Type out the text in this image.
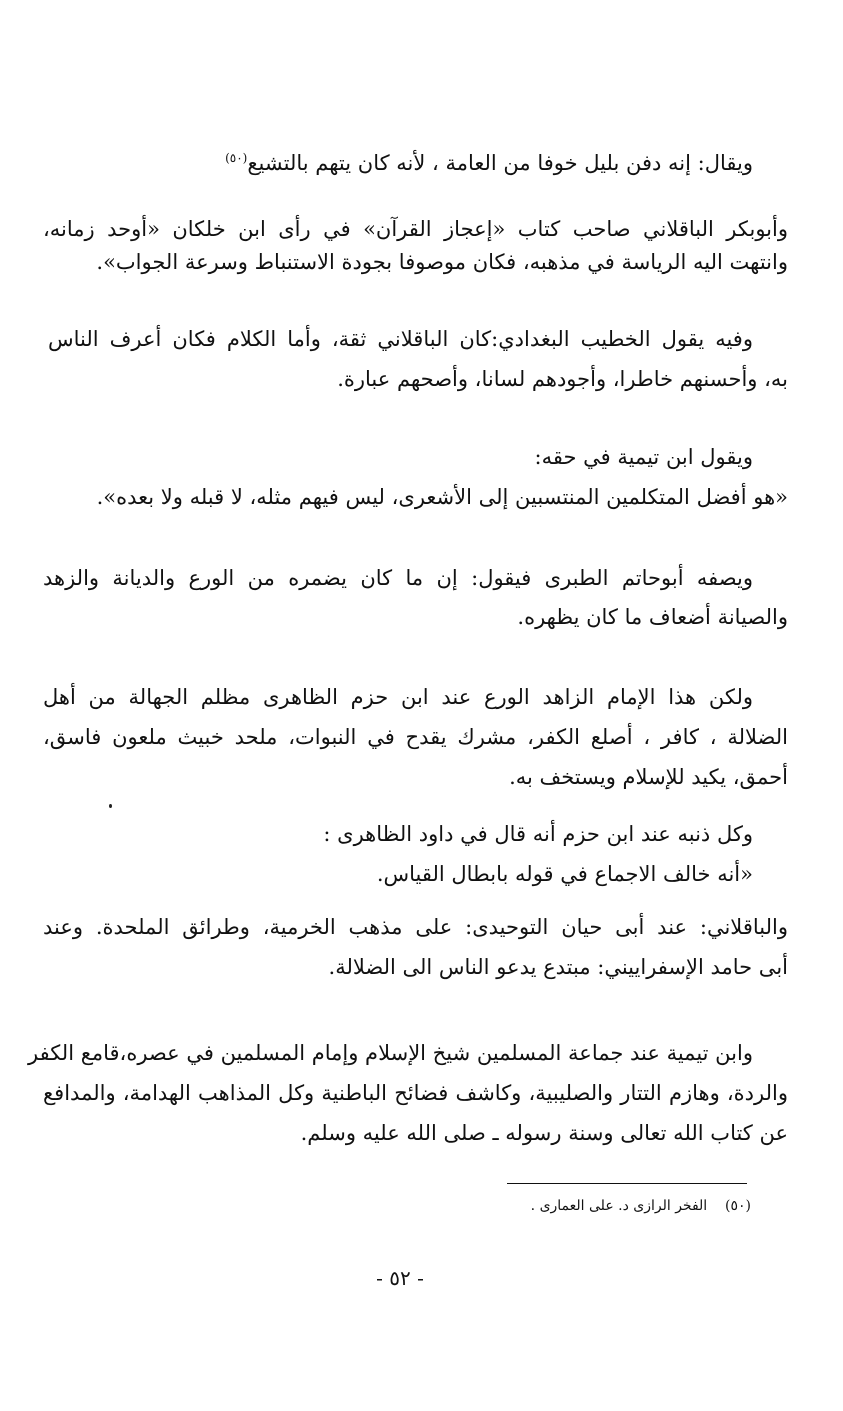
ويقال: إنه دفن بليل خوفا من العامة ، لأنه كان يتهم بالتشيع$^{(٥٠)}$
وأبوبكر الباقلاني صاحب كتاب «إعجاز القرآن» في رأى ابن خلكان «أوحد زمانه،
وانتهت اليه الرياسة في مذهبه، فكان موصوفا بجودة الاستنباط وسرعة الجواب».
وفيه يقول الخطيب البغدادي:كان الباقلاني ثقة، وأما الكلام فكان أعرف الناس
به، وأحسنهم خاطرا، وأجودهم لسانا، وأصحهم عبارة.
ويقول ابن تيمية في حقه:
«هو أفضل المتكلمين المنتسبين إلى الأشعرى، ليس فيهم مثله، لا قبله ولا بعده».
ويصفه أبوحاتم الطبرى فيقول: إن ما كان يضمره من الورع والديانة والزهد
والصيانة أضعاف ما كان يظهره.
ولكن هذا الإمام الزاهد الورع عند ابن حزم الظاهرى مظلم الجهالة من أهل
الضلالة ، كافر ، أصلع الكفر، مشرك يقدح في النبوات، ملحد خبيث ملعون فاسق،
أحمق، يكيد للإسلام ويستخف به.
وكل ذنبه عند ابن حزم أنه قال في داود الظاهرى :
«أنه خالف الاجماع في قوله بابطال القياس.
والباقلاني: عند أبى حيان التوحيدى: على مذهب الخرمية، وطرائق الملحدة. وعند
أبى حامد الإسفراييني: مبتدع يدعو الناس الى الضلالة.
وابن تيمية عند جماعة المسلمين شيخ الإسلام وإمام المسلمين في عصره،قامع الكفر
والردة، وهازم التتار والصليبية، وكاشف فضائح الباطنية وكل المذاهب الهدامة، والمدافع
عن كتاب الله تعالى وسنة رسوله ـ صلى الله عليه وسلم.
(٥٠)    الفخر الرازى د. على العمارى .
- ٥٢ -
